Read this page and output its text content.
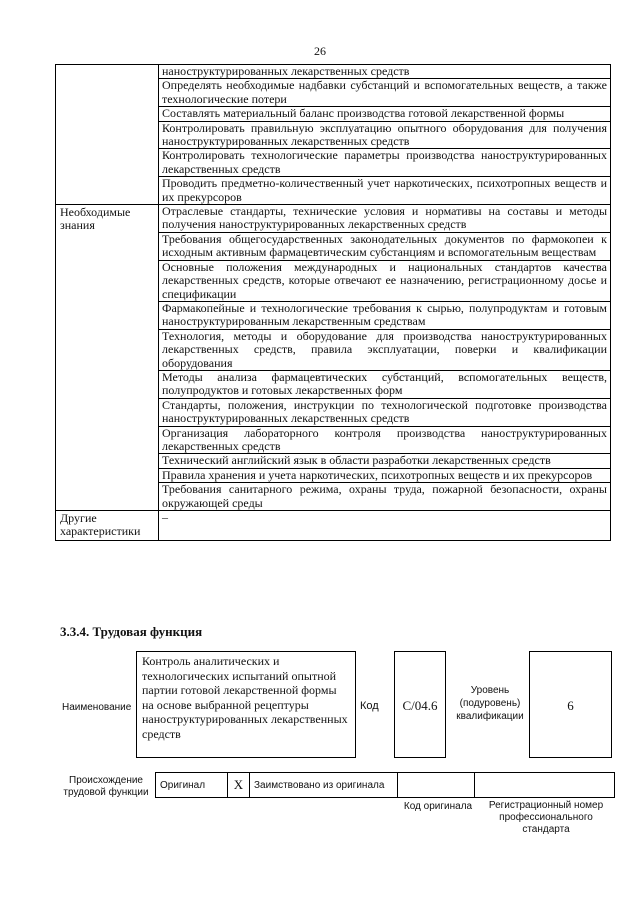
26
	наноструктурированных лекарственных средств
	Определять необходимые надбавки субстанций и вспомогательных веществ, а также технологические потери
	Составлять материальный баланс производства готовой лекарственной формы
	Контролировать правильную эксплуатацию опытного оборудования для получения наноструктурированных лекарственных средств
	Контролировать технологические параметры производства наноструктурированных лекарственных средств
	Проводить предметно-количественный учет наркотических, психотропных веществ и их прекурсоров
Необходимые знания	Отраслевые стандарты, технические условия и нормативы на составы и методы получения наноструктурированных лекарственных средств
	Требования общегосударственных законодательных документов по фармокопеи к исходным активным фармацевтическим субстанциям и вспомогательным веществам
	Основные положения международных и национальных стандартов качества лекарственных средств, которые отвечают ее назначению, регистрационному досье и спецификации
	Фармакопейные и технологические требования к сырью, полупродуктам и готовым наноструктурированным лекарственным средствам
	Технология, методы и оборудование для производства наноструктурированных лекарственных средств, правила эксплуатации, поверки и квалификации оборудования
	Методы анализа фармацевтических субстанций, вспомогательных веществ, полупродуктов и готовых лекарственных форм
	Стандарты, положения, инструкции по технологической подготовке производства наноструктурированных лекарственных средств
	Организация лабораторного контроля производства наноструктурированных лекарственных средств
	Технический английский язык в области разработки лекарственных средств
	Правила хранения и учета наркотических, психотропных веществ и их прекурсоров
	Требования санитарного режима, охраны труда, пожарной безопасности, охраны окружающей среды
Другие характеристики	–
3.3.4. Трудовая функция
Наименование
Контроль аналитических и технологических испытаний опытной партии готовой лекарственной формы на основе выбранной рецептуры наноструктурированных лекарственных средств
Код	С/04.6
Уровень (подуровень) квалификации
6
Происхождение трудовой функции
Оригинал	X	Заимствовано из оригинала		
Код оригинала	Регистрационный номер профессионального стандарта
